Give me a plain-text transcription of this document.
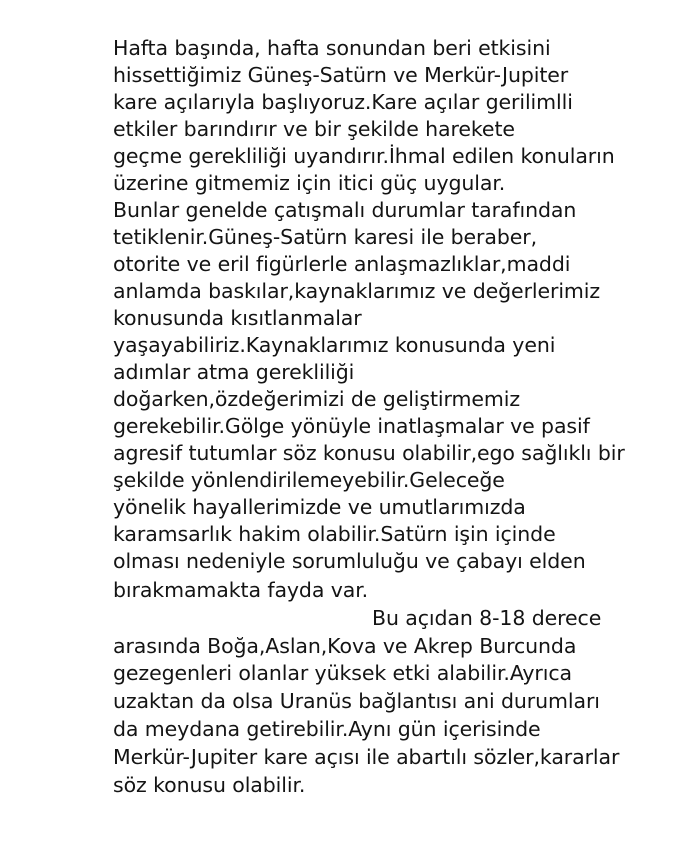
Hafta başında, hafta sonundan beri etkisini

hissettiğimiz Güneş-Satürn ve Merkür-Jupiter

kare açılarıyla başlıyoruz.Kare açılar gerilimlli

etkiler barındırır ve bir şekilde harekete

geçme gerekliliği uyandırır.İhmal edilen konuların

üzerine gitmemiz için itici güç uygular.

Bunlar genelde çatışmalı durumlar tarafından

tetiklenir.Güneş-Satürn karesi ile beraber,

otorite ve eril figürlerle anlaşmazlıklar,maddi

anlamda baskılar,kaynaklarımız ve değerlerimiz

konusunda kısıtlanmalar

yaşayabiliriz.Kaynaklarımız konusunda yeni

adımlar atma gerekliliği

doğarken,özdeğerimizi de geliştirmemiz

gerekebilir.Gölge yönüyle inatlaşmalar ve pasif

agresif tutumlar söz konusu olabilir,ego sağlıklı bir

şekilde yönlendirilemeyebilir.Geleceğe

yönelik hayallerimizde ve umutlarımızda

karamsarlık hakim olabilir.Satürn işin içinde

olması nedeniyle sorumluluğu ve çabayı elden

bırakmamakta fayda var.

Bu açıdan 8-18 derece

arasında Boğa,Aslan,Kova ve Akrep Burcunda

gezegenleri olanlar yüksek etki alabilir.Ayrıca

uzaktan da olsa Uranüs bağlantısı ani durumları

da meydana getirebilir.Aynı gün içerisinde

Merkür-Jupiter kare açısı ile abartılı sözler,kararlar

söz konusu olabilir.
